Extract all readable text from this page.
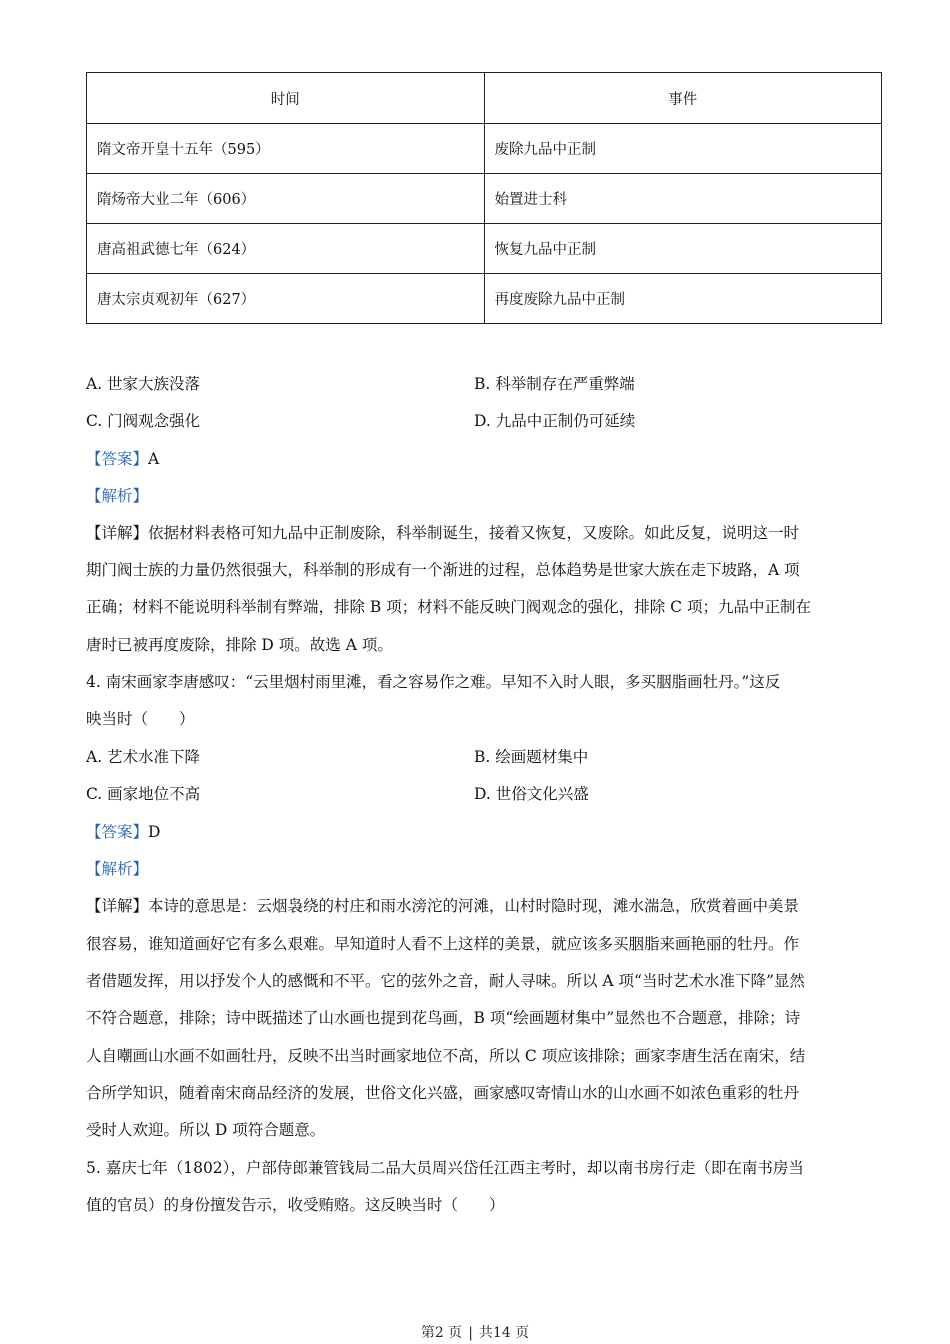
时间	事件
隋文帝开皇十五年（595）	废除九品中正制
隋炀帝大业二年（606）	始置进士科
唐高祖武德七年（624）	恢复九品中正制
唐太宗贞观初年（627）	再度废除九品中正制
A. 世家大族没落	B. 科举制存在严重弊端
C. 门阀观念强化	D. 九品中正制仍可延续
【答案】A
【解析】
【详解】依据材料表格可知九品中正制废除，科举制诞生，接着又恢复，又废除。如此反复，说明这一时
期门阀士族的力量仍然很强大，科举制的形成有一个渐进的过程，总体趋势是世家大族在走下坡路，A 项
正确；材料不能说明科举制有弊端，排除 B 项；材料不能反映门阀观念的强化，排除 C 项；九品中正制在
唐时已被再度废除，排除 D 项。故选 A 项。
4. 南宋画家李唐感叹：“云里烟村雨里滩，看之容易作之难。早知不入时人眼，多买胭脂画牡丹。”这反
映当时（　　）
A. 艺术水准下降	B. 绘画题材集中
C. 画家地位不高	D. 世俗文化兴盛
【答案】D
【解析】
【详解】本诗的意思是：云烟袅绕的村庄和雨水滂沱的河滩，山村时隐时现，滩水湍急，欣赏着画中美景
很容易，谁知道画好它有多么艰难。早知道时人看不上这样的美景，就应该多买胭脂来画艳丽的牡丹。作
者借题发挥，用以抒发个人的感慨和不平。它的弦外之音，耐人寻味。所以 A 项“当时艺术水准下降”显然
不符合题意，排除；诗中既描述了山水画也提到花鸟画，B 项“绘画题材集中”显然也不合题意，排除；诗
人自嘲画山水画不如画牡丹，反映不出当时画家地位不高，所以 C 项应该排除；画家李唐生活在南宋，结
合所学知识，随着南宋商品经济的发展，世俗文化兴盛，画家感叹寄情山水的山水画不如浓色重彩的牡丹
受时人欢迎。所以 D 项符合题意。
5. 嘉庆七年（1802），户部侍郎兼管钱局二品大员周兴岱任江西主考时，却以南书房行走（即在南书房当
值的官员）的身份擅发告示，收受贿赂。这反映当时（　　）
第2 页 | 共14 页
